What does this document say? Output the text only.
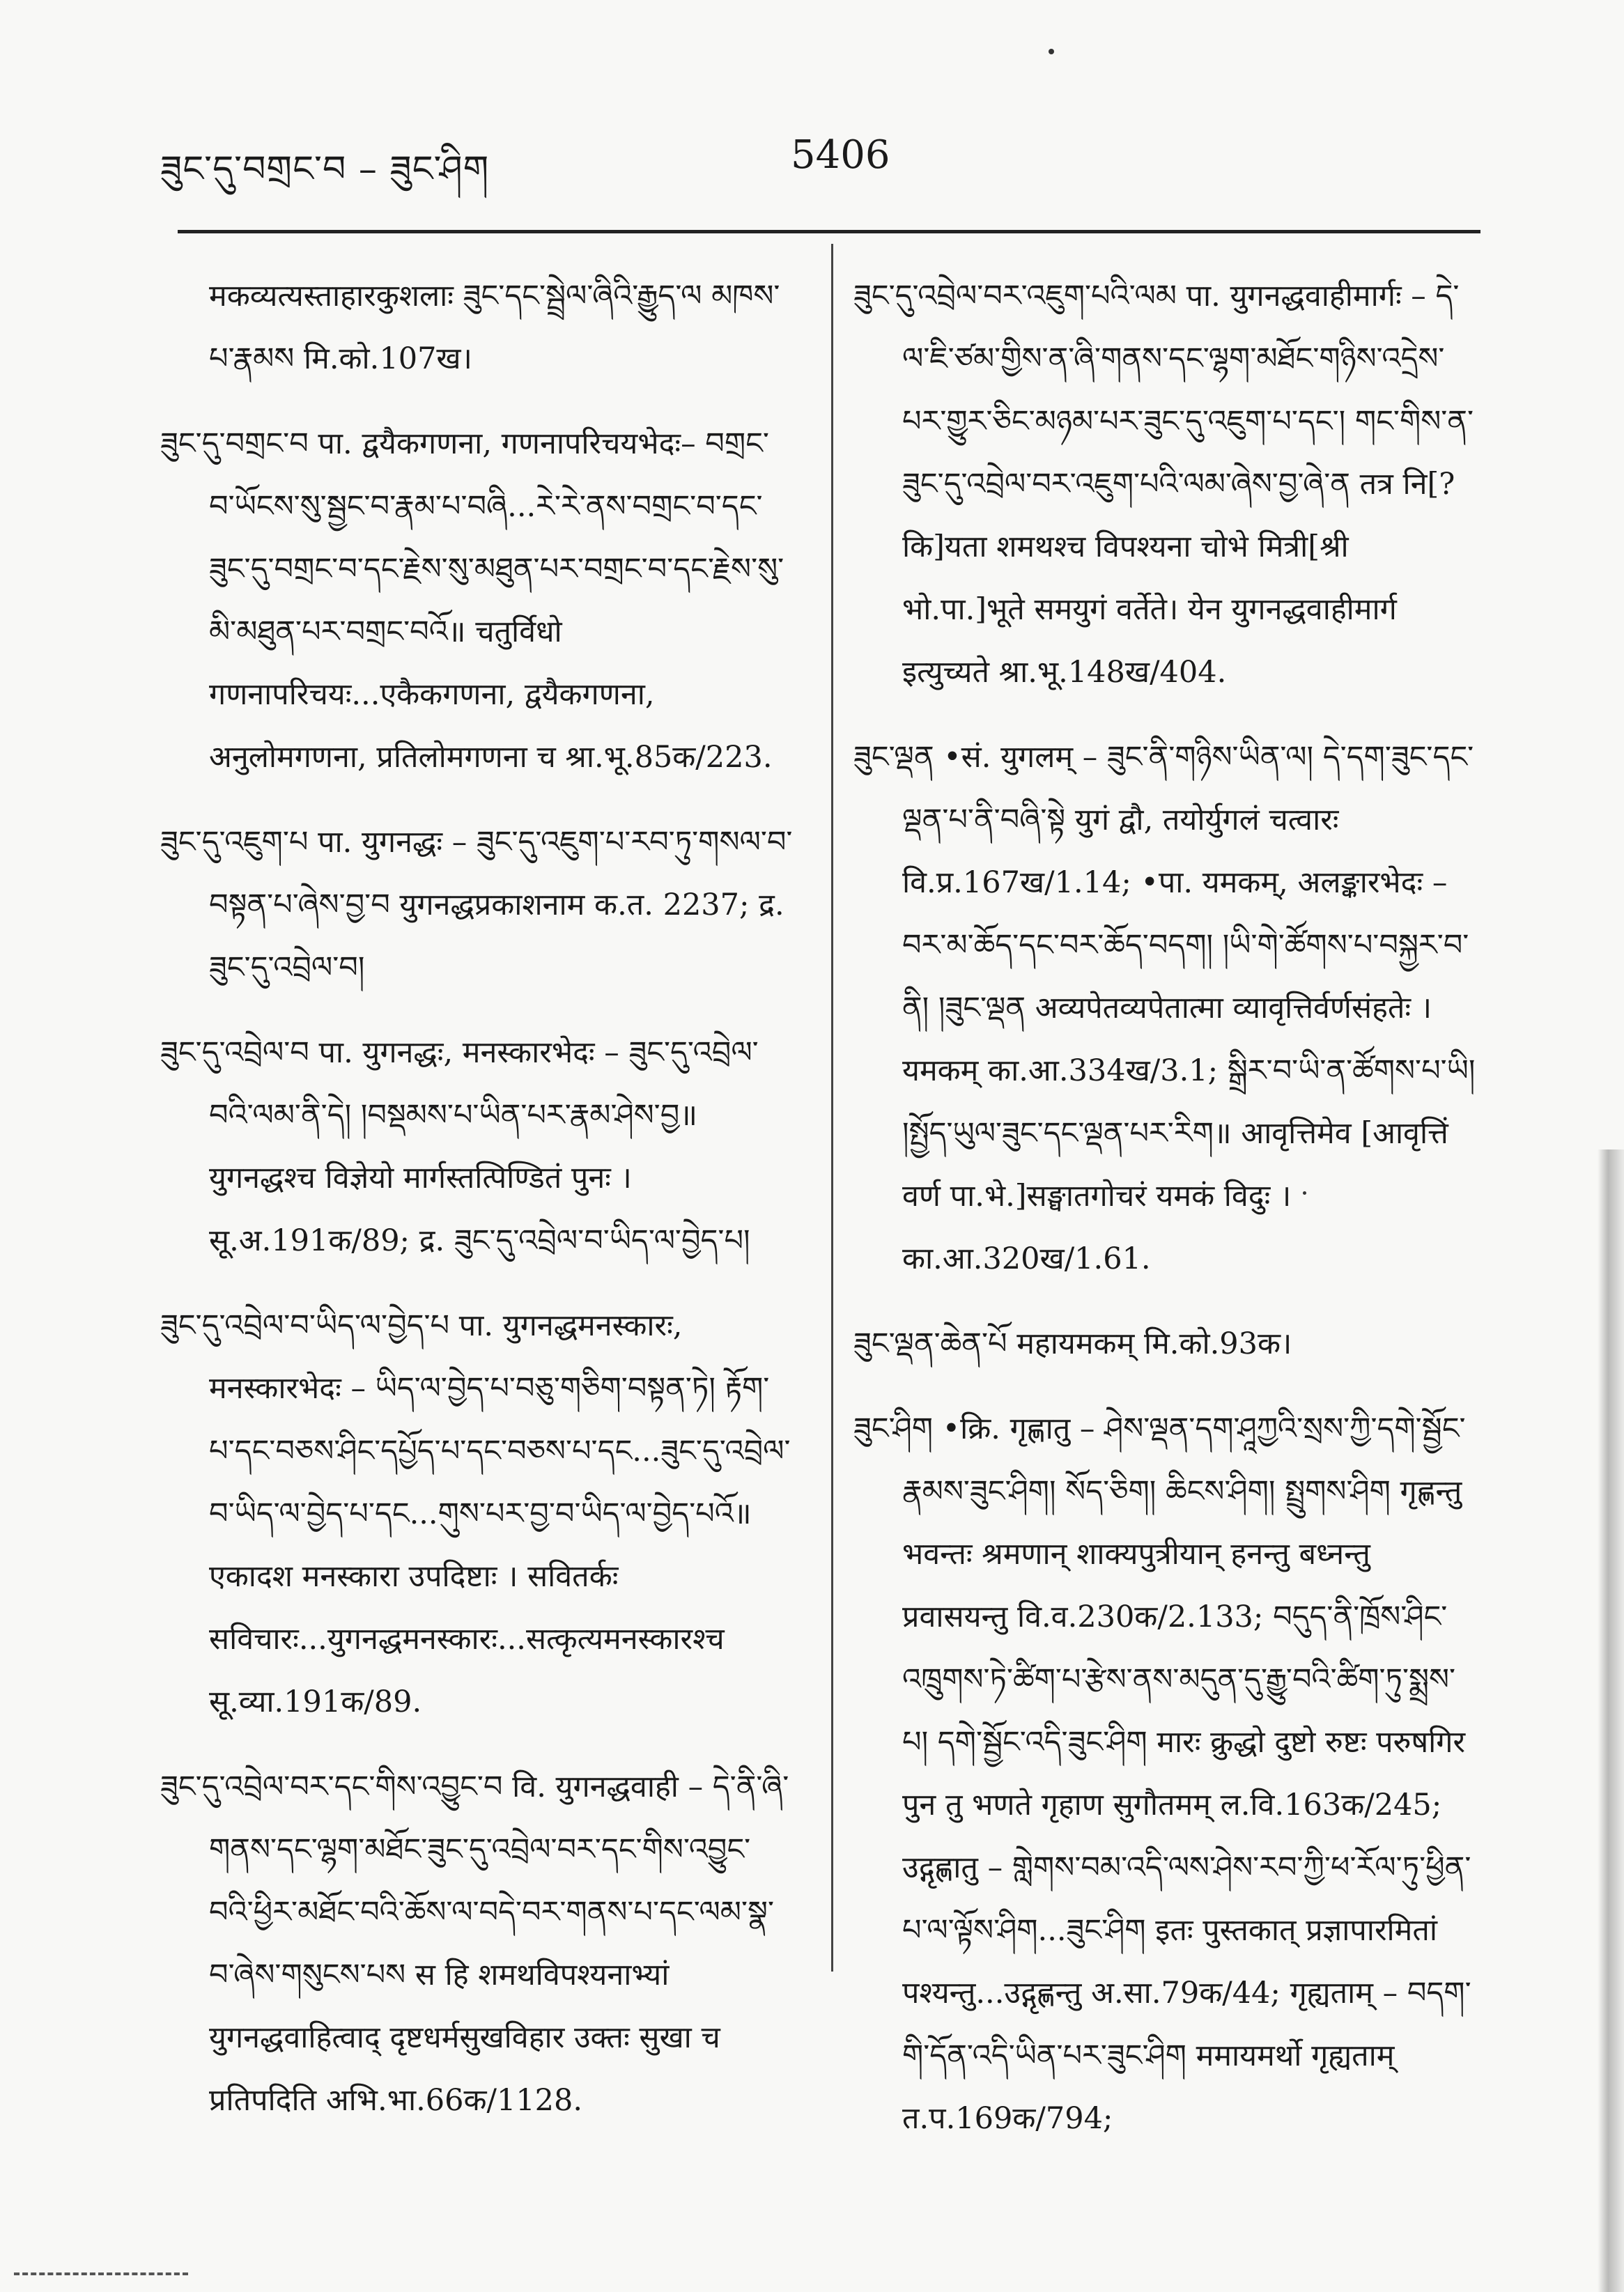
ཟུང་དུ་བགྲང་བ – ཟུང་ཤིག	5406

मकव्यत्यस्ताहारकुशलाः ཟུང་དང་སྦྲེལ་ཞིའི་རྒྱུད་ལ མཁས་པ་རྣམས मि.को.107ख।

ཟུང་དུ་བགྲང་བ पा. द्वयैकगणना, गणनापरिचयभेदः– བགྲང་བ་ཡོངས་སུ་སྦྱང་བ་རྣམ་པ་བཞི...རེ་རེ་ནས་བགྲང་བ་དང་ཟུང་དུ་བགྲང་བ་དང་རྗེས་སུ་མཐུན་པར་བགྲང་བ་དང་རྗེས་སུ་མི་མཐུན་པར་བགྲང་བའོ॥ चतुर्विधो गणनापरिचयः...एकैकगणना, द्वयैकगणना, अनुलोमगणना, प्रतिलोमगणना च श्रा.भू.85क/223.

ཟུང་དུ་འཇུག་པ पा. युगनद्धः – ཟུང་དུ་འཇུག་པ་རབ་ཏུ་གསལ་བ་བསྟན་པ་ཞེས་བྱ་བ युगनद्धप्रकाशनाम क.त. 2237; द्र. ཟུང་དུ་འབྲེལ་བ།

ཟུང་དུ་འབྲེལ་བ पा. युगनद्धः, मनस्कारभेदः – ཟུང་དུ་འབྲེལ་བའི་ལམ་ནི་དེ། །བསྡམས་པ་ཡིན་པར་རྣམ་ཤེས་བྱ॥ युगनद्धश्च विज्ञेयो मार्गस्तत्पिण्डितं पुनः । सू.अ.191क/89; द्र. ཟུང་དུ་འབྲེལ་བ་ཡིད་ལ་བྱེད་པ།

ཟུང་དུ་འབྲེལ་བ་ཡིད་ལ་བྱེད་པ पा. युगनद्धमनस्कारः, मनस्कारभेदः – ཡིད་ལ་བྱེད་པ་བཅུ་གཅིག་བསྟན་ཏེ། རྟོག་པ་དང་བཅས་ཤིང་དཔྱོད་པ་དང་བཅས་པ་དང...ཟུང་དུ་འབྲེལ་བ་ཡིད་ལ་བྱེད་པ་དང...གུས་པར་བྱ་བ་ཡིད་ལ་བྱེད་པའོ॥ एकादश मनस्कारा उपदिष्टाः । सवितर्कः सविचारः...युगनद्धमनस्कारः...सत्कृत्यमनस्कारश्च सू.व्या.191क/89.

ཟུང་དུ་འབྲེལ་བར་དང་གིས་འབྱུང་བ वि. युगनद्धवाही – དེ་ནི་ཞི་གནས་དང་ལྷག་མཐོང་ཟུང་དུ་འབྲེལ་བར་དང་གིས་འབྱུང་བའི་ཕྱིར་མཐོང་བའི་ཆོས་ལ་བདེ་བར་གནས་པ་དང་ལམ་སྣ་བ་ཞེས་གསུངས་པས स हि शमथविपश्यनाभ्यां युगनद्धवाहित्वाद् दृष्टधर्मसुखविहार उक्तः सुखा च प्रतिपदिति अभि.भा.66क/1128.

ཟུང་དུ་འབྲེལ་བར་འཇུག་པའི་ལམ पा. युगनद्धवाहीमार्गः – དེ་ལ་ཇི་ཙམ་གྱིས་ན་ཞི་གནས་དང་ལྷག་མཐོང་གཉིས་འདྲེས་པར་གྱུར་ཅིང་མཉམ་པར་ཟུང་དུ་འཇུག་པ་དང་། གང་གིས་ན་ཟུང་དུ་འབྲེལ་བར་འཇུག་པའི་ལམ་ཞེས་བྱ་ཞེ་ན तत्र नि[?कि]यता शमथश्च विपश्यना चोभे मित्री[श्री भो.पा.]भूते समयुगं वर्तेते। येन युगनद्धवाहीमार्ग इत्युच्यते श्रा.भू.148ख/404.

ཟུང་ལྡན •सं. युगलम् – ཟུང་ནི་གཉིས་ཡིན་ལ། དེ་དག་ཟུང་དང་ལྡན་པ་ནི་བཞི་སྟེ युगं द्वौ, तयोर्युगलं चत्वारः वि.प्र.167ख/1.14; •पा. यमकम्, अलङ्कारभेदः – བར་མ་ཆོད་དང་བར་ཆོད་བདག། །ཡི་གེ་ཚོགས་པ་བསྐྱར་བ་ནི། །ཟུང་ལྡན अव्यपेतव्यपेतात्मा व्यावृत्तिर्वर्णसंहतेः । यमकम् का.आ.334ख/3.1; སྒྲིར་བ་ཡི་ན་ཚོགས་པ་ཡི། །སྤྱོད་ཡུལ་ཟུང་དང་ལྡན་པར་རིག॥ आवृत्तिमेव [आवृत्तिं वर्ण पा.भे.]सङ्घातगोचरं यमकं विदुः । का.आ.320ख/1.61.

ཟུང་ལྡན་ཆེན་པོ महायमकम् मि.को.93क।

ཟུང་ཤིག •क्रि. गृह्णातु – ཤེས་ལྡན་དག་ཤཱཀྱའི་སྲས་ཀྱི་དགེ་སྦྱོང་རྣམས་ཟུང་ཤིག། སོད་ཅིག། ཆིངས་ཤིག། སྤྲུགས་ཤིག गृह्णन्तु भवन्तः श्रमणान् शाक्यपुत्रीयान् हनन्तु बध्नन्तु प्रवासयन्तु वि.व.230क/2.133; བདུད་ནི་ཁྲོས་ཤིང་འཁྲུགས་ཏེ་ཚིག་པ་རྩེས་ནས་མདུན་དུ་རྒྱུ་བའི་ཚིག་ཏུ་སྨྲས་པ། དགེ་སྦྱོང་འདི་ཟུང་ཤིག मारः क्रुद्धो दुष्टो रुष्टः परुषगिर पुन तु भणते गृहाण सुगौतमम् ल.वि.163क/245; उद्गृह्णातु – གླེགས་བམ་འདི་ལས་ཤེས་རབ་ཀྱི་ཕ་རོལ་ཏུ་ཕྱིན་པ་ལ་ལྟོས་ཤིག...ཟུང་ཤིག इतः पुस्तकात् प्रज्ञापारमितां पश्यन्तु...उद्गृह्णन्तु अ.सा.79क/44; गृह्यताम् – བདག་གི་དོན་འདི་ཡིན་པར་ཟུང་ཤིག ममायमर्थो गृह्यताम् त.प.169क/794;
